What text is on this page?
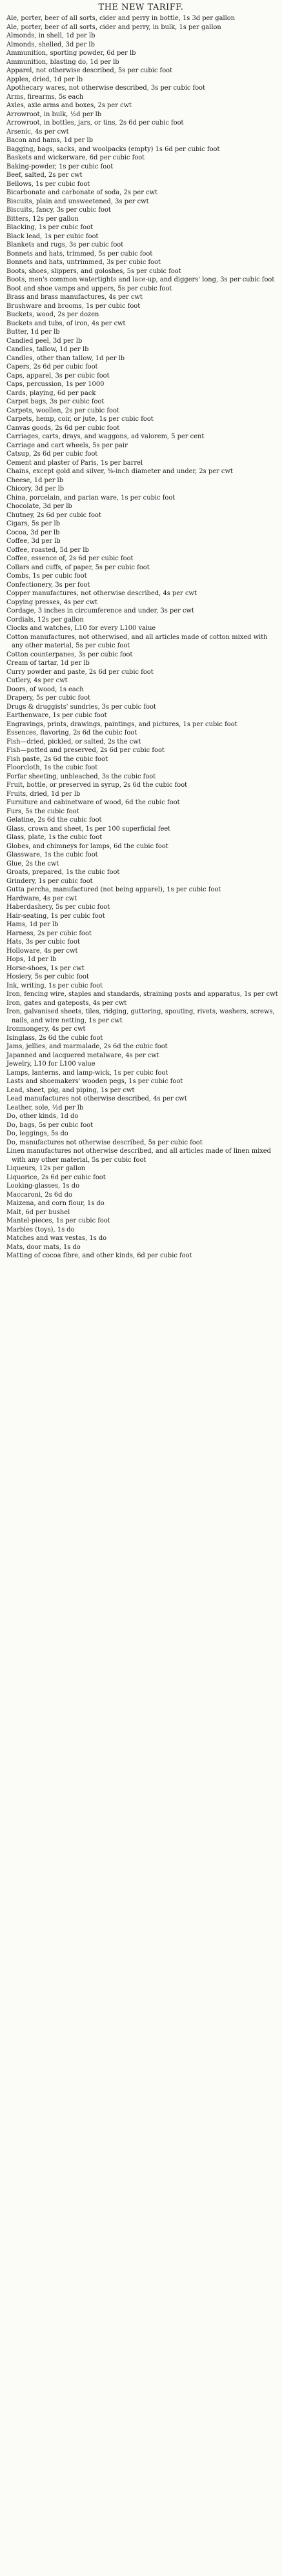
THE NEW TARIFF.

Ale, porter, beer of all sorts, cider and perry in bottle, 1s 3d per gallon

Ale, porter, beer of all sorts, cider and perry, in bulk, 1s per gallon

Almonds, in shell, 1d per lb

Almonds, shelled, 3d per lb

Ammunition, sporting powder, 6d per lb

Ammunition, blasting do, 1d per lb

Apparel, not otherwise described, 5s per cubic foot

Apples, dried, 1d per lb

Apothecary wares, not otherwise described, 3s per cubic foot

Arms, firearms, 5s each

Axles, axle arms and boxes, 2s per cwt

Arrowroot, in bulk, ½d per lb

Arrowroot, in bottles, jars, or tins, 2s 6d per cubic foot

Arsenic, 4s per cwt

Bacon and hams, 1d per lb

Bagging, bags, sacks, and woolpacks (empty) 1s 6d per cubic foot

Baskets and wickerware, 6d per cubic foot

Baking-powder, 1s per cubic foot

Beef, salted, 2s per cwt

Bellows, 1s per cubic foot

Bicarbonate and carbonate of soda, 2s per cwt

Biscuits, plain and unsweetened, 3s per cwt

Biscuits, fancy, 3s per cubic foot

Bitters, 12s per gallon

Blacking, 1s per cubic foot

Black lead, 1s per cubic foot

Blankets and rugs, 3s per cubic foot

Bonnets and hats, trimmed, 5s per cubic foot

Bonnets and hats, untrimmed, 3s per cubic foot

Boots, shoes, slippers, and goloshes, 5s per cubic foot

Boots, men's common watertights and lace-up, and diggers' long, 3s per cubic foot

Boot and shoe vamps and uppers, 5s per cubic foot

Brass and brass manufactures, 4s per cwt

Brushware and brooms, 1s per cubic foot

Buckets, wood, 2s per dozen

Buckets and tubs, of iron, 4s per cwt

Butter, 1d per lb

Candied peel, 3d per lb

Candles, tallow, 1d per lb

Candles, other than tallow, 1d per lb

Capers, 2s 6d per cubic foot

Caps, apparel, 3s per cubic foot

Caps, percussion, 1s per 1000

Cards, playing, 6d per pack

Carpet bags, 3s per cubic foot

Carpets, woollen, 2s per cubic foot

Carpets, hemp, coir, or jute, 1s per cubic foot

Canvas goods, 2s 6d per cubic foot

Carriages, carts, drays, and waggons, ad valorem, 5 per cent

Carriage and cart wheels, 5s per pair

Catsup, 2s 6d per cubic foot

Cement and plaster of Paris, 1s per barrel

Chains, except gold and silver, ⅜-inch diameter and under, 2s per cwt

Cheese, 1d per lb

Chicory, 3d per lb

China, porcelain, and parian ware, 1s per cubic foot

Chocolate, 3d per lb

Chutney, 2s 6d per cubic foot

Cigars, 5s per lb

Cocoa, 3d per lb

Coffee, 3d per lb

Coffee, roasted, 5d per lb

Coffee, essence of, 2s 6d per cubic foot

Collars and cuffs, of paper, 5s per cubic foot

Combs, 1s per cubic foot

Confectionery, 3s per foot

Copper manufactures, not otherwise described, 4s per cwt

Copying presses, 4s per cwt

Cordage, 3 inches in circumference and under, 3s per cwt

Cordials, 12s per gallon

Clocks and watches, L10 for every L100 value

Cotton manufactures, not otherwised, and all articles made of cotton mixed with any other material, 5s per cubic foot

Cotton counterpanes, 3s per cubic foot

Cream of tartar, 1d per lb

Curry powder and paste, 2s 6d per cubic foot

Cutlery, 4s per cwt

Doors, of wood, 1s each

Drapery, 5s per cubic foot

Drugs & druggists' sundries, 3s per cubic foot

Earthenware, 1s per cubic foot

Engravings, prints, drawings, paintings, and pictures, 1s per cubic foot

Essences, flavoring, 2s 6d the cubic foot

Fish—dried, pickled, or salted, 2s the cwt

Fish—potted and preserved, 2s 6d per cubic foot

Fish paste, 2s 6d the cubic foot

Floorcloth, 1s the cubic foot

Forfar sheeting, unbleached, 3s the cubic foot

Fruit, bottle, or preserved in syrup, 2s 6d the cubic foot

Fruits, dried, 1d per lb

Furniture and cabinetware of wood, 6d the cubic foot

Furs, 5s the cubic foot

Gelatine, 2s 6d the cubic foot

Glass, crown and sheet, 1s per 100 superficial feet

Glass, plate, 1s the cubic foot

Globes, and chimneys for lamps, 6d the cubic foot

Glassware, 1s the cubic foot

Glue, 2s the cwt

Groats, prepared, 1s the cubic foot

Grindery, 1s per cubic foot

Gutta percha, manufactured (not being apparel), 1s per cubic foot

Hardware, 4s per cwt

Haberdashery, 5s per cubic foot

Hair-seating, 1s per cubic foot

Hams, 1d per lb

Harness, 2s per cubic foot

Hats, 3s per cubic foot

Holloware, 4s per cwt

Hops, 1d per lb

Horse-shoes, 1s per cwt

Hosiery, 5s per cubic foot

Ink, writing, 1s per cubic foot

Iron, fencing wire, staples and standards, straining posts and apparatus, 1s per cwt

Iron, gates and gateposts, 4s per cwt

Iron, galvanised sheets, tiles, ridging, guttering, spouting, rivets, washers, screws, nails, and wire netting, 1s per cwt

Ironmongery, 4s per cwt

Isinglass, 2s 6d the cubic foot

Jams, jellies, and marmalade, 2s 6d the cubic foot

Japanned and lacquered metalware, 4s per cwt

Jewelry, L10 for L100 value

Lamps, lanterns, and lamp-wick, 1s per cubic foot

Lasts and shoemakers' wooden pegs, 1s per cubic foot

Lead, sheet, pig, and piping, 1s per cwt

Lead manufactures not otherwise described, 4s per cwt

Leather, sole, ½d per lb

Do, other kinds, 1d do

Do, bags, 5s per cubic foot

Do, leggings, 5s do

Do, manufactures not otherwise described, 5s per cubic foot

Linen manufactures not otherwise described, and all articles made of linen mixed with any other material, 5s per cubic foot

Liqueurs, 12s per gallon

Liquorice, 2s 6d per cubic foot

Looking-glasses, 1s do

Maccaroni, 2s 6d do

Maizena, and corn flour, 1s do

Malt, 6d per bushel

Mantel-pieces, 1s per cubic foot

Marbles (toys), 1s do

Matches and wax vestas, 1s do

Mats, door mats, 1s do

Matting of cocoa fibre, and other kinds, 6d per cubic foot
